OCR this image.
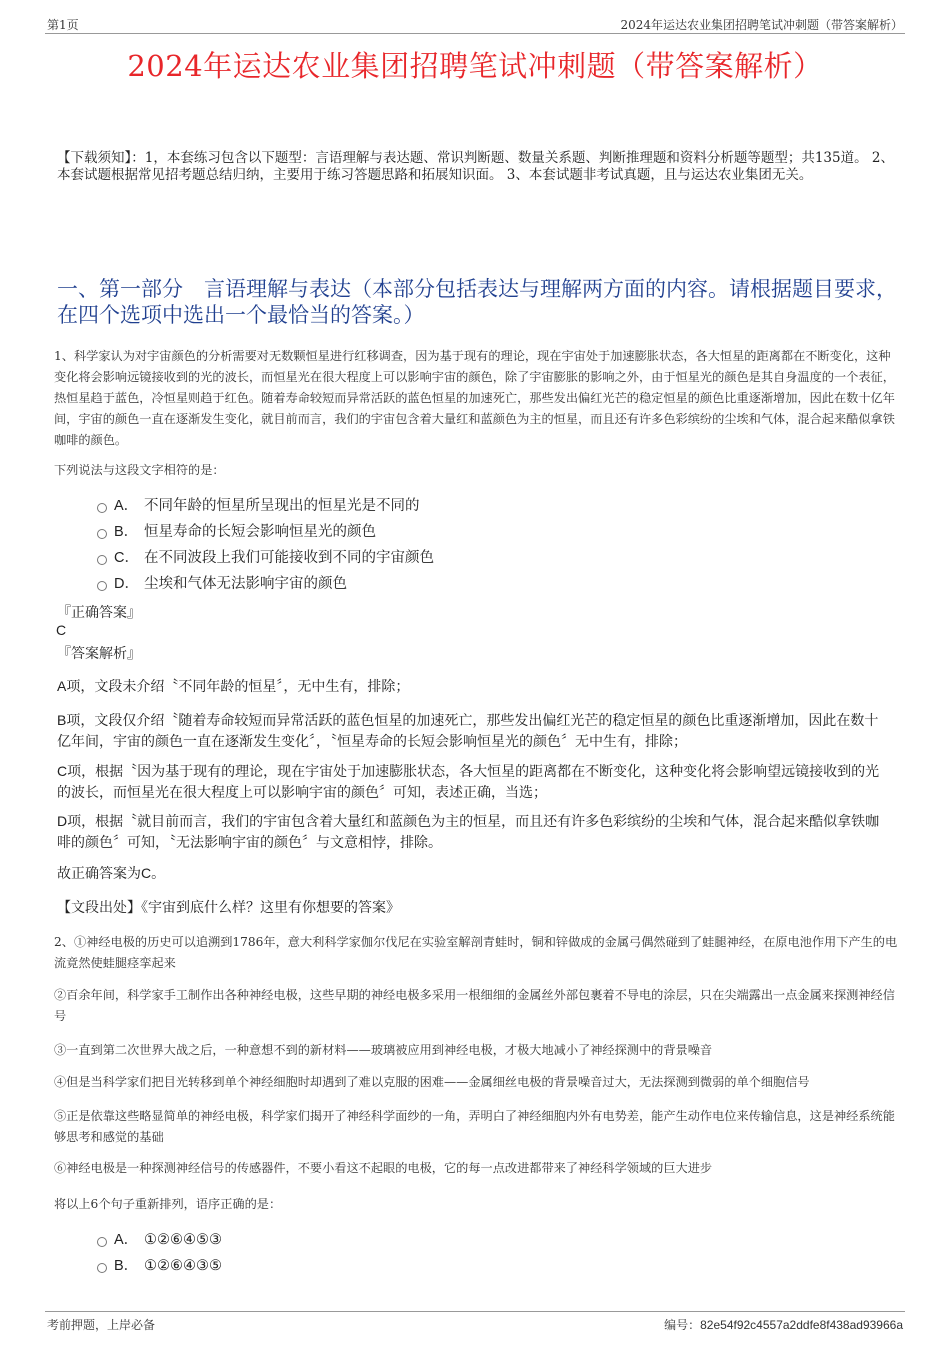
第1页	2024年运达农业集团招聘笔试冲刺题（带答案解析）
2024年运达农业集团招聘笔试冲刺题（带答案解析）
【下载须知】：1，本套练习包含以下题型：言语理解与表达题、常识判断题、数量关系题、判断推理题和资料分析题等题型；共135道。 2、本套试题根据常见招考题总结归纳，主要用于练习答题思路和拓展知识面。 3、本套试题非考试真题，且与运达农业集团无关。
一、第一部分　言语理解与表达（本部分包括表达与理解两方面的内容。请根据题目要求，在四个选项中选出一个最恰当的答案。）
1、科学家认为对宇宙颜色的分析需要对无数颗恒星进行红移调查，因为基于现有的理论，现在宇宙处于加速膨胀状态，各大恒星的距离都在不断变化，这种变化将会影响远镜接收到的光的波长，而恒星光在很大程度上可以影响宇宙的颜色，除了宇宙膨胀的影响之外，由于恒星光的颜色是其自身温度的一个表征，热恒星趋于蓝色，冷恒星则趋于红色。随着寿命较短而异常活跃的蓝色恒星的加速死亡，那些发出偏红光芒的稳定恒星的颜色比重逐渐增加，因此在数十亿年间，宇宙的颜色一直在逐渐发生变化，就目前而言，我们的宇宙包含着大量红和蓝颜色为主的恒星，而且还有许多色彩缤纷的尘埃和气体，混合起来酷似拿铁咖啡的颜色。
下列说法与这段文字相符的是：
A． 不同年龄的恒星所呈现出的恒星光是不同的
B． 恒星寿命的长短会影响恒星光的颜色
C． 在不同波段上我们可能接收到不同的宇宙颜色
D． 尘埃和气体无法影响宇宙的颜色
『正确答案』
C
『答案解析』
A项，文段未介绍〝不同年龄的恒星〞，无中生有，排除；
B项，文段仅介绍〝随着寿命较短而异常活跃的蓝色恒星的加速死亡，那些发出偏红光芒的稳定恒星的颜色比重逐渐增加，因此在数十亿年间，宇宙的颜色一直在逐渐发生变化〞，〝恒星寿命的长短会影响恒星光的颜色〞无中生有，排除；
C项，根据〝因为基于现有的理论，现在宇宙处于加速膨胀状态，各大恒星的距离都在不断变化，这种变化将会影响望远镜接收到的光的波长，而恒星光在很大程度上可以影响宇宙的颜色〞可知，表述正确，当选；
D项，根据〝就目前而言，我们的宇宙包含着大量红和蓝颜色为主的恒星，而且还有许多色彩缤纷的尘埃和气体，混合起来酷似拿铁咖啡的颜色〞可知，〝无法影响宇宙的颜色〞与文意相悖，排除。
故正确答案为C。
【文段出处】《宇宙到底什么样？这里有你想要的答案》
2、①神经电极的历史可以追溯到1786年，意大利科学家伽尔伐尼在实验室解剖青蛙时，铜和锌做成的金属弓偶然碰到了蛙腿神经，在原电池作用下产生的电流竟然使蛙腿痉挛起来
②百余年间，科学家手工制作出各种神经电极，这些早期的神经电极多采用一根细细的金属丝外部包裹着不导电的涂层，只在尖端露出一点金属来探测神经信号
③一直到第二次世界大战之后，一种意想不到的新材料——玻璃被应用到神经电极，才极大地减小了神经探测中的背景噪音
④但是当科学家们把目光转移到单个神经细胞时却遇到了难以克服的困难——金属细丝电极的背景噪音过大，无法探测到微弱的单个细胞信号
⑤正是依靠这些略显简单的神经电极，科学家们揭开了神经科学面纱的一角，弄明白了神经细胞内外有电势差，能产生动作电位来传输信息，这是神经系统能够思考和感觉的基础
⑥神经电极是一种探测神经信号的传感器件，不要小看这不起眼的电极，它的每一点改进都带来了神经科学领域的巨大进步
将以上6个句子重新排列，语序正确的是：
A． ①②⑥④⑤③
B． ①②⑥④③⑤
考前押题，上岸必备	编号：82e54f92c4557a2ddfe8f438ad93966a
